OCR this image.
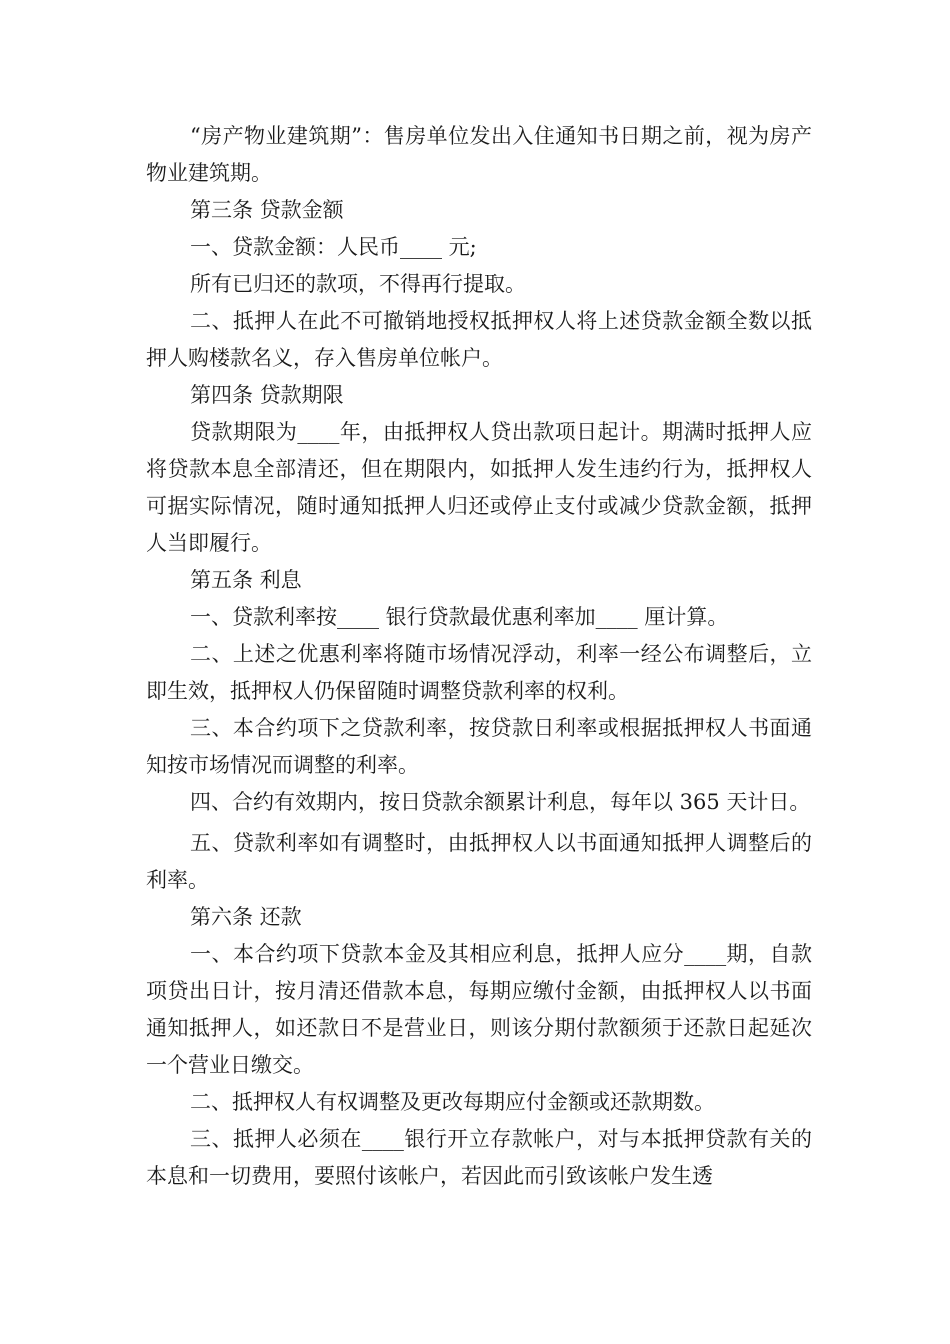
“房产物业建筑期”：售房单位发出入住通知书日期之前，视为房产物业建筑期。

第三条 贷款金额

一、贷款金额：人民币____ 元;

所有已归还的款项，不得再行提取。

二、抵押人在此不可撤销地授权抵押权人将上述贷款金额全数以抵押人购楼款名义，存入售房单位帐户。

第四条 贷款期限

贷款期限为____年，由抵押权人贷出款项日起计。期满时抵押人应将贷款本息全部清还，但在期限内，如抵押人发生违约行为，抵押权人可据实际情况，随时通知抵押人归还或停止支付或减少贷款金额，抵押人当即履行。

第五条 利息

一、贷款利率按____ 银行贷款最优惠利率加____ 厘计算。

二、上述之优惠利率将随市场情况浮动，利率一经公布调整后，立即生效，抵押权人仍保留随时调整贷款利率的权利。

三、本合约项下之贷款利率，按贷款日利率或根据抵押权人书面通知按市场情况而调整的利率。

四、合约有效期内，按日贷款余额累计利息，每年以 365 天计日。

五、贷款利率如有调整时，由抵押权人以书面通知抵押人调整后的利率。

第六条 还款

一、本合约项下贷款本金及其相应利息，抵押人应分____期，自款项贷出日计，按月清还借款本息，每期应缴付金额，由抵押权人以书面通知抵押人，如还款日不是营业日，则该分期付款额须于还款日起延次一个营业日缴交。

二、抵押权人有权调整及更改每期应付金额或还款期数。

三、抵押人必须在____银行开立存款帐户，对与本抵押贷款有关的本息和一切费用，要照付该帐户，若因此而引致该帐户发生透
